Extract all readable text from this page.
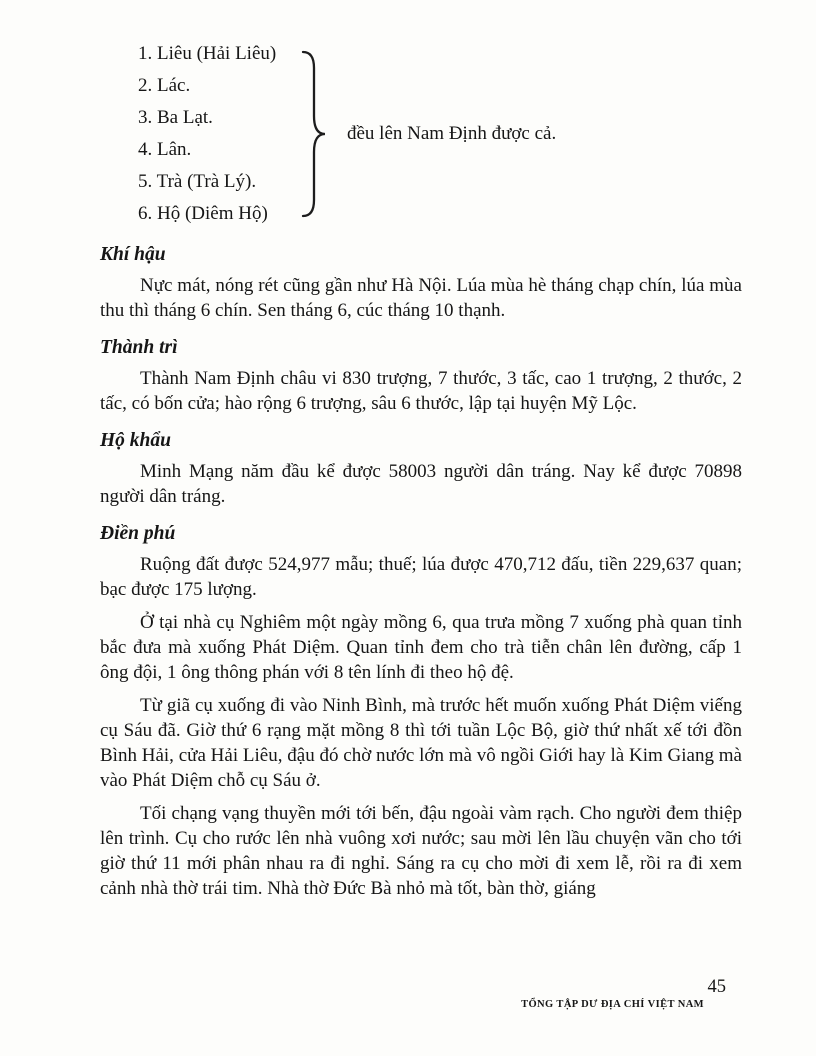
1. Liêu (Hải Liêu)
2. Lác.
3. Ba Lạt.
4. Lân.
5. Trà (Trà Lý).
6. Hộ (Diêm Hộ)
đều lên Nam Định được cả.
Khí hậu

Nực mát, nóng rét cũng gần như Hà Nội. Lúa mùa hè tháng chạp chín, lúa mùa thu thì tháng 6 chín. Sen tháng 6, cúc tháng 10 thạnh.

Thành trì

Thành Nam Định châu vi 830 trượng, 7 thước, 3 tấc, cao 1 trượng, 2 thước, 2 tấc, có bốn cửa; hào rộng 6 trượng, sâu 6 thước, lập tại huyện Mỹ Lộc.

Hộ khẩu

Minh Mạng năm đầu kể được 58003 người dân tráng. Nay kể được 70898 người dân tráng.

Điền phú

Ruộng đất được 524,977 mẫu; thuế; lúa được 470,712 đấu, tiền 229,637 quan; bạc được 175 lượng.

Ở tại nhà cụ Nghiêm một ngày mồng 6, qua trưa mồng 7 xuống phà quan tỉnh bắc đưa mà xuống Phát Diệm. Quan tỉnh đem cho trà tiễn chân lên đường, cấp 1 ông đội, 1 ông thông phán với 8 tên lính đi theo hộ đệ.

Từ giã cụ xuống đi vào Ninh Bình, mà trước hết muốn xuống Phát Diệm viếng cụ Sáu đã. Giờ thứ 6 rạng mặt mồng 8 thì tới tuần Lộc Bộ, giờ thứ nhất xế tới đồn Bình Hải, cửa Hải Liêu, đậu đó chờ nước lớn mà vô ngồi Giới hay là Kim Giang mà vào Phát Diệm chỗ cụ Sáu ở.

Tối chạng vạng thuyền mới tới bến, đậu ngoài vàm rạch. Cho người đem thiệp lên trình. Cụ cho rước lên nhà vuông xơi nước; sau mời lên lầu chuyện vãn cho tới giờ thứ 11 mới phân nhau ra đi nghỉ. Sáng ra cụ cho mời đi xem lễ, rồi ra đi xem cảnh nhà thờ trái tim. Nhà thờ Đức Bà nhỏ mà tốt, bàn thờ, giáng

45
TỔNG TẬP DƯ ĐỊA CHÍ VIỆT NAM
